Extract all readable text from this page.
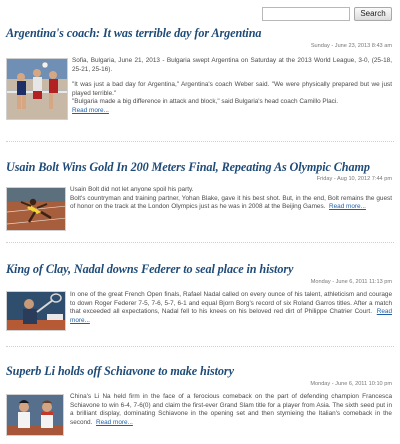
Search
Argentina's coach: It was terrible day for Argentina
Sunday - June 23, 2013 8:43 am

Sofia, Bulgaria, June 21, 2013 - Bulgaria swept Argentina on Saturday at the 2013 World League, 3-0, (25-18, 25-21, 25-16).

"It was just a bad day for Argentina," Argentina's coach Weber said. "We were physically prepared but we just played terrible."

"Bulgaria made a big difference in attack and block," said Bulgaria's head coach Camillo Placi.

Read more...

Usain Bolt Wins Gold In 200 Meters Final, Repeating As Olympic Champ
Friday - Aug 10, 2012 7:44 pm

Usain Bolt did not let anyone spoil his party.

Bolt's countryman and training partner, Yohan Blake, gave it his best shot. But, in the end, Bolt remains the guest of honor on the track at the London Olympics just as he was in 2008 at the Beijing Games. Read more...

King of Clay, Nadal downs Federer to seal place in history
Monday - June 6, 2011 11:13 pm

In one of the great French Open finals, Rafael Nadal called on every ounce of his talent, athleticism and courage to down Roger Federer 7-5, 7-6, 5-7, 6-1 and equal Bjorn Borg's record of six Roland Garros titles. After a match that exceeded all expectations, Nadal fell to his knees on his beloved red dirt of Philippe Chatrier Court. Read more...

Superb Li holds off Schiavone to make history
Monday - June 6, 2011 10:10 pm

China's Li Na held firm in the face of a ferocious comeback on the part of defending champion Francesca Schiavone to win 6-4, 7-6(0) and claim the first-ever Grand Slam title for a player from Asia. The sixth seed put in a brilliant display, dominating Schiavone in the opening set and then stymieing the Italian's comeback in the second. Read more...
